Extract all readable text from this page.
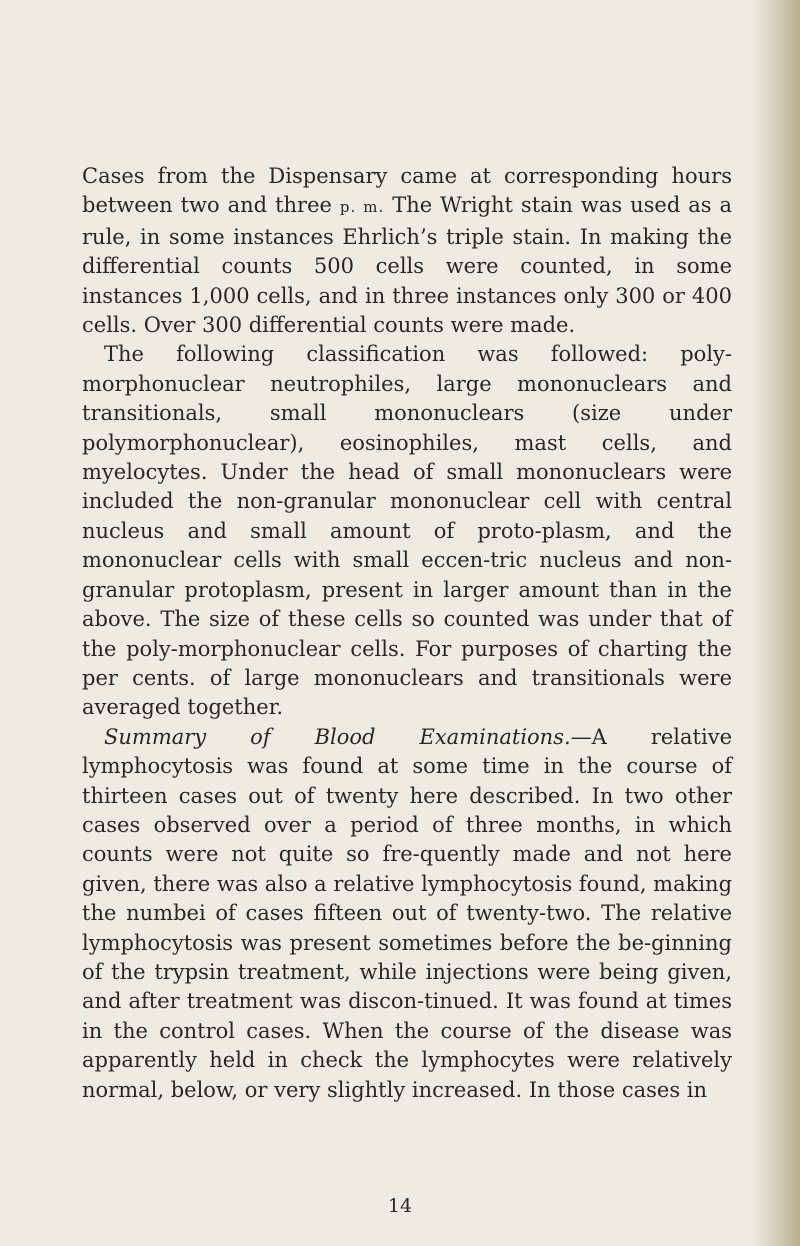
Cases from the Dispensary came at corresponding hours between two and three p. m. The Wright stain was used as a rule, in some instances Ehrlich’s triple stain. In making the differential counts 500 cells were counted, in some instances 1,000 cells, and in three instances only 300 or 400 cells. Over 300 differential counts were made.

The following classification was followed: poly-morphonuclear neutrophiles, large mononuclears and transitionals, small mononuclears (size under polymorphonuclear), eosinophiles, mast cells, and myelocytes. Under the head of small mononuclears were included the non-granular mononuclear cell with central nucleus and small amount of proto-plasm, and the mononuclear cells with small eccen-tric nucleus and non-granular protoplasm, present in larger amount than in the above. The size of these cells so counted was under that of the poly-morphonuclear cells. For purposes of charting the per cents. of large mononuclears and transitionals were averaged together.

Summary of Blood Examinations.—A relative lymphocytosis was found at some time in the course of thirteen cases out of twenty here described. In two other cases observed over a period of three months, in which counts were not quite so fre-quently made and not here given, there was also a relative lymphocytosis found, making the numbei of cases fifteen out of twenty-two. The relative lymphocytosis was present sometimes before the be-ginning of the trypsin treatment, while injections were being given, and after treatment was discon-tinued. It was found at times in the control cases. When the course of the disease was apparently held in check the lymphocytes were relatively normal, below, or very slightly increased. In those cases in

14
